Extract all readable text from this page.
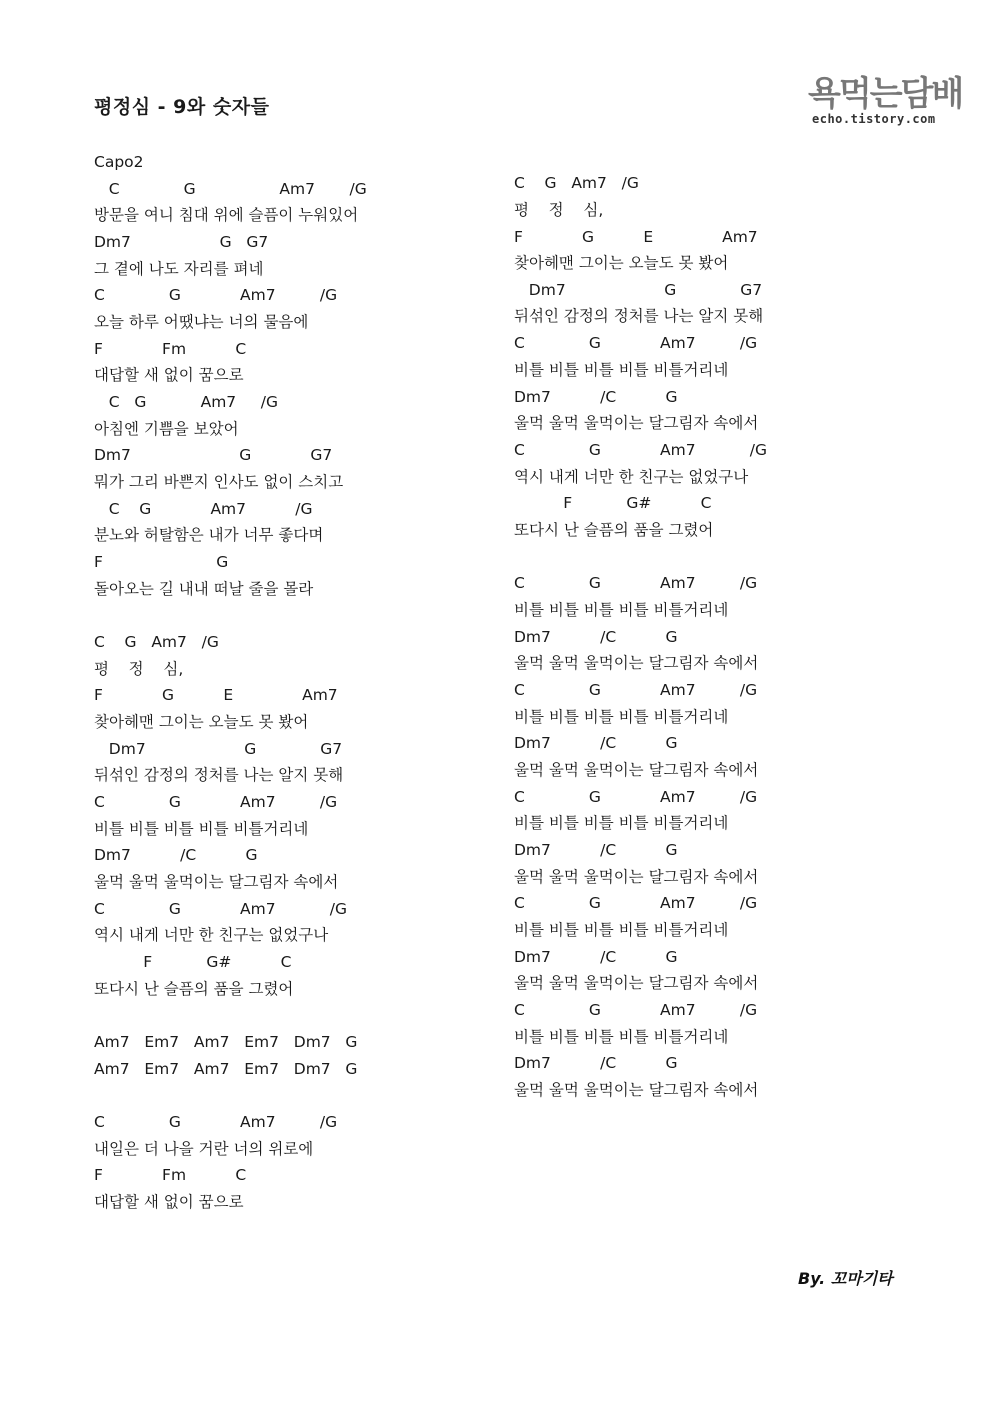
평정심 - 9와 숫자들	욕먹는담배
echo.tistory.com
Capo2
C             G                 Am7       /G
방문을 여니 침대 위에 슬픔이 누워있어
Dm7                  G   G7
그 곁에 나도 자리를 펴네
C             G            Am7         /G
오늘 하루 어땠냐는 너의 물음에
F            Fm          C
대답할 새 없이 꿈으로
C   G           Am7     /G
아침엔 기쁨을 보았어
Dm7                      G            G7
뭐가 그리 바쁜지 인사도 없이 스치고
C    G            Am7          /G
분노와 허탈함은 내가 너무 좋다며
F                       G
돌아오는 길 내내 떠날 줄을 몰라
C    G   Am7   /G
평    정    심,
F            G          E              Am7
찾아헤맨 그이는 오늘도 못 봤어
Dm7                    G             G7
뒤섞인 감정의 정처를 나는 알지 못해
C             G            Am7         /G
비틀 비틀 비틀 비틀 비틀거리네
Dm7          /C          G
울먹 울먹 울먹이는 달그림자 속에서
C             G            Am7           /G
역시 내게 너만 한 친구는 없었구나
F           G#          C
또다시 난 슬픔의 품을 그렸어
Am7   Em7   Am7   Em7   Dm7   G
Am7   Em7   Am7   Em7   Dm7   G
C             G            Am7         /G
내일은 더 나을 거란 너의 위로에
F            Fm          C
대답할 새 없이 꿈으로
C    G   Am7   /G
평    정    심,
F            G          E              Am7
찾아헤맨 그이는 오늘도 못 봤어
Dm7                    G             G7
뒤섞인 감정의 정처를 나는 알지 못해
C             G            Am7         /G
비틀 비틀 비틀 비틀 비틀거리네
Dm7          /C          G
울먹 울먹 울먹이는 달그림자 속에서
C             G            Am7           /G
역시 내게 너만 한 친구는 없었구나
F           G#          C
또다시 난 슬픔의 품을 그렸어
C             G            Am7         /G
비틀 비틀 비틀 비틀 비틀거리네
Dm7          /C          G
울먹 울먹 울먹이는 달그림자 속에서
C             G            Am7         /G
비틀 비틀 비틀 비틀 비틀거리네
Dm7          /C          G
울먹 울먹 울먹이는 달그림자 속에서
C             G            Am7         /G
비틀 비틀 비틀 비틀 비틀거리네
Dm7          /C          G
울먹 울먹 울먹이는 달그림자 속에서
C             G            Am7         /G
비틀 비틀 비틀 비틀 비틀거리네
Dm7          /C          G
울먹 울먹 울먹이는 달그림자 속에서
C             G            Am7         /G
비틀 비틀 비틀 비틀 비틀거리네
Dm7          /C          G
울먹 울먹 울먹이는 달그림자 속에서
By. 꼬마기타
